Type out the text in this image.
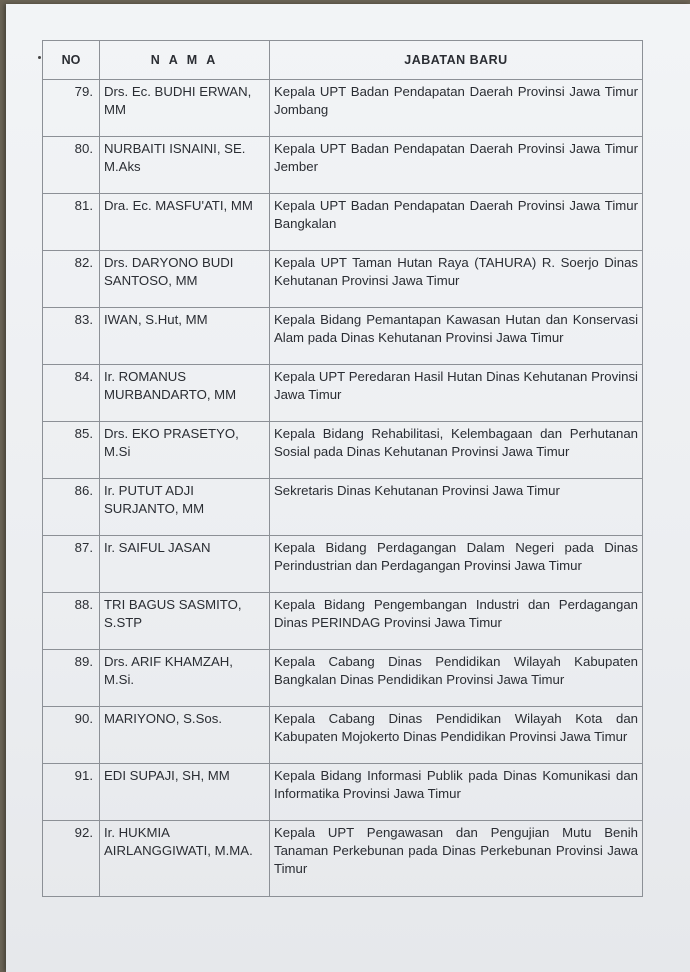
NO	N A M A	JABATAN BARU
79.	Drs. Ec. BUDHI ERWAN, MM	Kepala UPT Badan Pendapatan Daerah Provinsi Jawa Timur Jombang
80.	NURBAITI ISNAINI, SE. M.Aks	Kepala UPT Badan Pendapatan Daerah Provinsi Jawa Timur Jember
81.	Dra. Ec. MASFU'ATI, MM	Kepala UPT Badan Pendapatan Daerah Provinsi Jawa Timur Bangkalan
82.	Drs. DARYONO BUDI SANTOSO, MM	Kepala UPT Taman Hutan Raya (TAHURA) R. Soerjo Dinas Kehutanan Provinsi Jawa Timur
83.	IWAN, S.Hut, MM	Kepala Bidang Pemantapan Kawasan Hutan dan Konservasi Alam pada Dinas Kehutanan Provinsi Jawa Timur
84.	Ir. ROMANUS MURBANDARTO, MM	Kepala UPT Peredaran Hasil Hutan Dinas Kehutanan Provinsi Jawa Timur
85.	Drs. EKO PRASETYO, M.Si	Kepala Bidang Rehabilitasi, Kelembagaan dan Perhutanan Sosial pada Dinas Kehutanan Provinsi Jawa Timur
86.	Ir. PUTUT ADJI SURJANTO, MM	Sekretaris Dinas Kehutanan Provinsi Jawa Timur
87.	Ir. SAIFUL JASAN	Kepala Bidang Perdagangan Dalam Negeri pada Dinas Perindustrian dan Perdagangan Provinsi Jawa Timur
88.	TRI BAGUS SASMITO, S.STP	Kepala Bidang Pengembangan Industri dan Perdagangan Dinas PERINDAG Provinsi Jawa Timur
89.	Drs. ARIF KHAMZAH, M.Si.	Kepala Cabang Dinas Pendidikan Wilayah Kabupaten Bangkalan Dinas Pendidikan Provinsi Jawa Timur
90.	MARIYONO, S.Sos.	Kepala Cabang Dinas Pendidikan Wilayah Kota dan Kabupaten Mojokerto Dinas Pendidikan Provinsi Jawa Timur
91.	EDI SUPAJI, SH, MM	Kepala Bidang Informasi Publik pada Dinas Komunikasi dan Informatika Provinsi Jawa Timur
92.	Ir. HUKMIA AIRLANGGIWATI, M.MA.	Kepala UPT Pengawasan dan Pengujian Mutu Benih Tanaman Perkebunan pada Dinas Perkebunan Provinsi Jawa Timur
